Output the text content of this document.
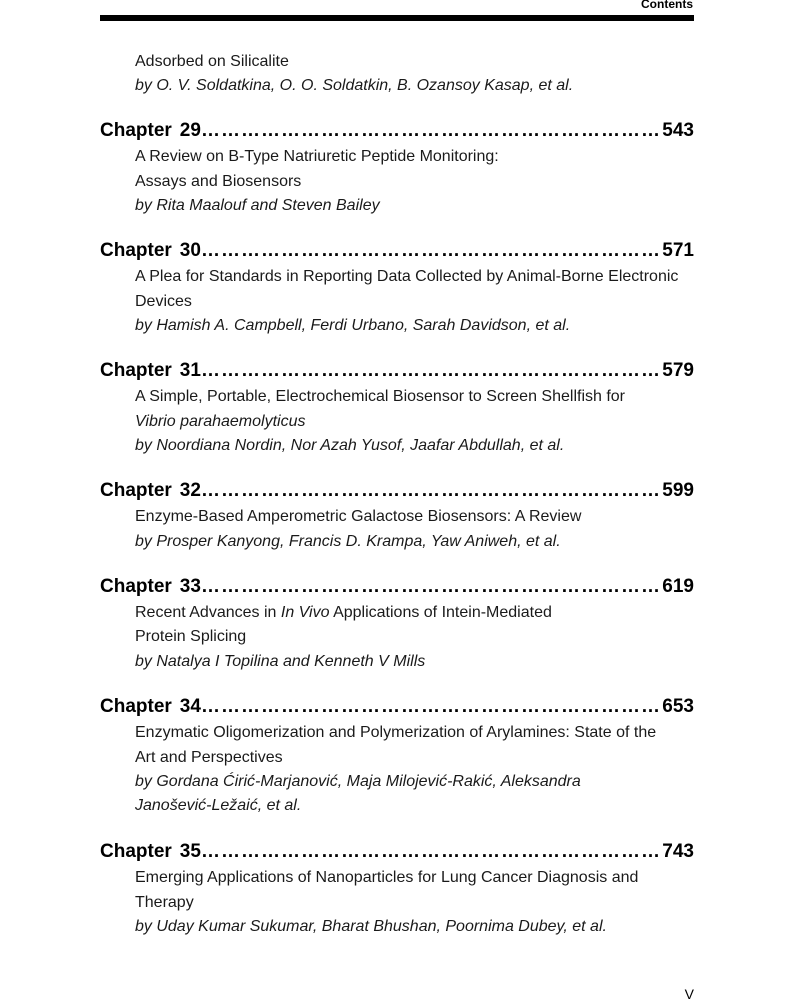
Contents
Adsorbed on Silicalite
by O. V. Soldatkina, O. O. Soldatkin, B. Ozansoy Kasap, et al.
Chapter 29 ………………………………………………………………………………………………………………………………………………………………	543
A Review on B-Type Natriuretic Peptide Monitoring:
Assays and Biosensors
by Rita Maalouf and Steven Bailey
Chapter 30 ………………………………………………………………………………………………………………………………………………………………	571
A Plea for Standards in Reporting Data Collected by Animal-Borne Electronic
Devices
by Hamish A. Campbell, Ferdi Urbano, Sarah Davidson, et al.
Chapter 31 ………………………………………………………………………………………………………………………………………………………………	579
A Simple, Portable, Electrochemical Biosensor to Screen Shellfish for
Vibrio parahaemolyticus
by Noordiana Nordin, Nor Azah Yusof, Jaafar Abdullah, et al.
Chapter 32 ………………………………………………………………………………………………………………………………………………………………	599
Enzyme-Based Amperometric Galactose Biosensors: A Review
by Prosper Kanyong, Francis D. Krampa, Yaw Aniweh, et al.
Chapter 33 ………………………………………………………………………………………………………………………………………………………………	619
Recent Advances in In Vivo Applications of Intein-Mediated
Protein Splicing
by Natalya I Topilina and Kenneth V Mills
Chapter 34 ………………………………………………………………………………………………………………………………………………………………	653
Enzymatic Oligomerization and Polymerization of Arylamines: State of the
Art and Perspectives
by Gordana Ćirić-Marjanović, Maja Milojević-Rakić, Aleksandra
Janošević-Ležaić, et al.
Chapter 35 ………………………………………………………………………………………………………………………………………………………………	743
Emerging Applications of Nanoparticles for Lung Cancer Diagnosis and
Therapy
by Uday Kumar Sukumar, Bharat Bhushan, Poornima Dubey, et al.
V
